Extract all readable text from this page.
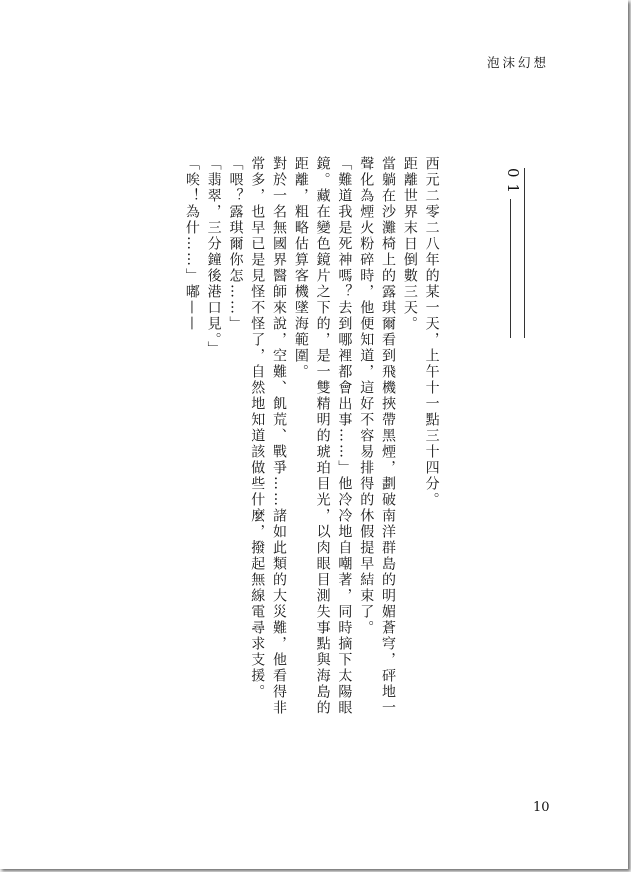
泡沫幻想
01

西元二零二八年的某一天，上午十一點三十四分。

距離世界末日倒數三天。

當躺在沙灘椅上的露琪爾看到飛機挾帶黑煙，劃破南洋群島的明媚蒼穹，砰地一聲化為煙火粉碎時，他便知道，這好不容易排得的休假提早結束了。

「難道我是死神嗎？去到哪裡都會出事……」他冷冷地自嘲著，同時摘下太陽眼鏡。藏在變色鏡片之下的，是一雙精明的琥珀目光，以肉眼目測失事點與海島的距離，粗略估算客機墜海範圍。

對於一名無國界醫師來說，空難、飢荒、戰爭……諸如此類的大災難，他看得非常多，也早已是見怪不怪了，自然地知道該做些什麼，撥起無線電尋求支援。

「喂？露琪爾你怎……」

「翡翠，三分鐘後港口見。」

「唉！為什……」嘟——

10
